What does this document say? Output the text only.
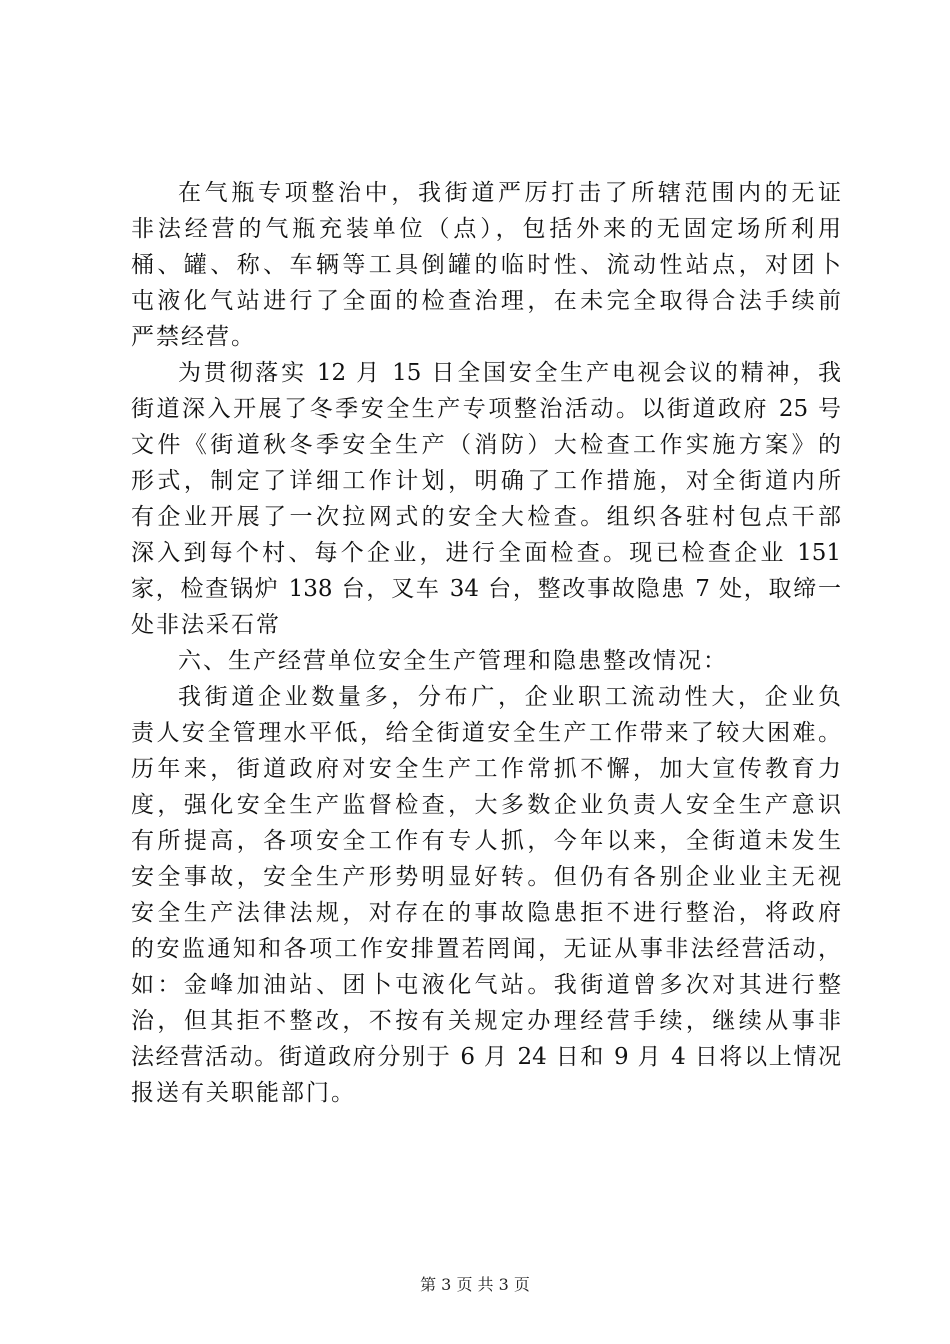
在气瓶专项整治中，我街道严厉打击了所辖范围内的无证
非法经营的气瓶充装单位（点），包括外来的无固定场所利用
桶、罐、称、车辆等工具倒罐的临时性、流动性站点，对团卜
屯液化气站进行了全面的检查治理，在未完全取得合法手续前
严禁经营。
为贯彻落实 12 月 15 日全国安全生产电视会议的精神，我
街道深入开展了冬季安全生产专项整治活动。以街道政府 25 号
文件《街道秋冬季安全生产（消防）大检查工作实施方案》的
形式，制定了详细工作计划，明确了工作措施，对全街道内所
有企业开展了一次拉网式的安全大检查。组织各驻村包点干部
深入到每个村、每个企业，进行全面检查。现已检查企业 151
家，检查锅炉 138 台，叉车 34 台，整改事故隐患 7 处，取缔一
处非法采石常
六、生产经营单位安全生产管理和隐患整改情况：
我街道企业数量多，分布广，企业职工流动性大，企业负
责人安全管理水平低，给全街道安全生产工作带来了较大困难。
历年来，街道政府对安全生产工作常抓不懈，加大宣传教育力
度，强化安全生产监督检查，大多数企业负责人安全生产意识
有所提高，各项安全工作有专人抓，今年以来，全街道未发生
安全事故，安全生产形势明显好转。但仍有各别企业业主无视
安全生产法律法规，对存在的事故隐患拒不进行整治，将政府
的安监通知和各项工作安排置若罔闻，无证从事非法经营活动，
如：金峰加油站、团卜屯液化气站。我街道曾多次对其进行整
治，但其拒不整改，不按有关规定办理经营手续，继续从事非
法经营活动。街道政府分别于 6 月 24 日和 9 月 4 日将以上情况
报送有关职能部门。
第 3 页 共 3 页
